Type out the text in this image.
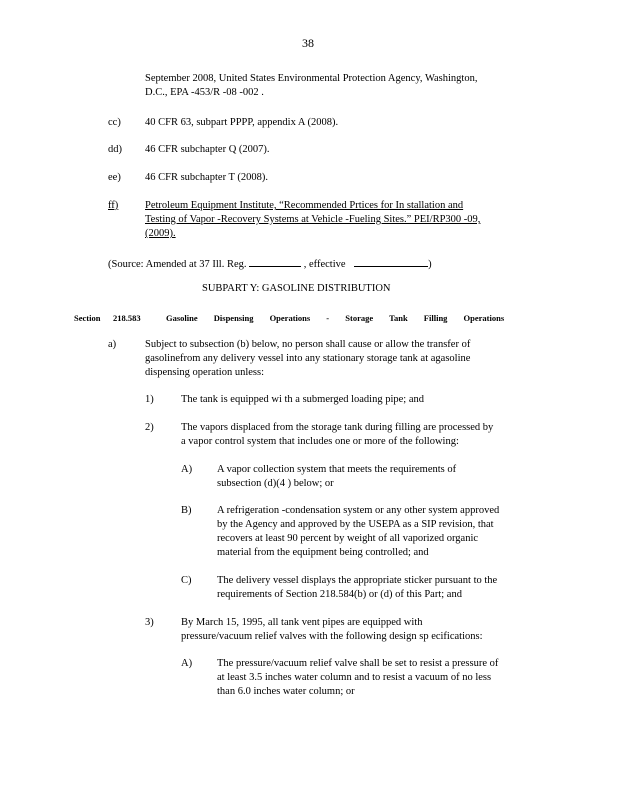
38
September 2008, United States Environmental Protection Agency, Washington,
D.C., EPA -453/R -08 -002 .
cc) 40 CFR 63, subpart PPPP, appendix A (2008).
dd) 46 CFR subchapter Q (2007).
ee) 46 CFR subchapter T (2008).
ff)	Petroleum Equipment Institute, “Recommended Prtices for In stallation and
Testing of Vapor -Recovery Systems at Vehicle -Fueling Sites.” PEI/RP300 -09,
(2009).
(Source: Amended at 37 Ill. Reg.	, effective	)
SUBPART Y: GASOLINE DISTRIBUTION
Section 218.583	Gasoline Dispensing Operations - Storage Tank Filling Operations
a)	Subject to subsection (b) below, no person shall cause or allow the transfer of
gasolinefrom any delivery vessel into any stationary storage tank at agasoline
dispensing operation unless:
1)	The tank is equipped wi th a submerged loading pipe; and
2)	The vapors displaced from the storage tank during filling are processed by
a vapor control system that includes one or more of the following:
A) A vapor collection system that meets the requirements of
subsection (d)(4 ) below; or
B) A refrigeration -condensation system or any other system approved
by the Agency and approved by the USEPA as a SIP revision, that
recovers at least 90 percent by weight of all vaporized organic
material from the equipment being controlled; and
C) The delivery vessel displays the appropriate sticker pursuant to the
requirements of Section 218.584(b) or (d) of this Part; and
3)	By March 15, 1995, all tank vent pipes are equipped with
pressure/vacuum relief valves with the following design sp ecifications:
A) The pressure/vacuum relief valve shall be set to resist a pressure of
at least 3.5 inches water column and to resist a vacuum of no less
than 6.0 inches water column; or
